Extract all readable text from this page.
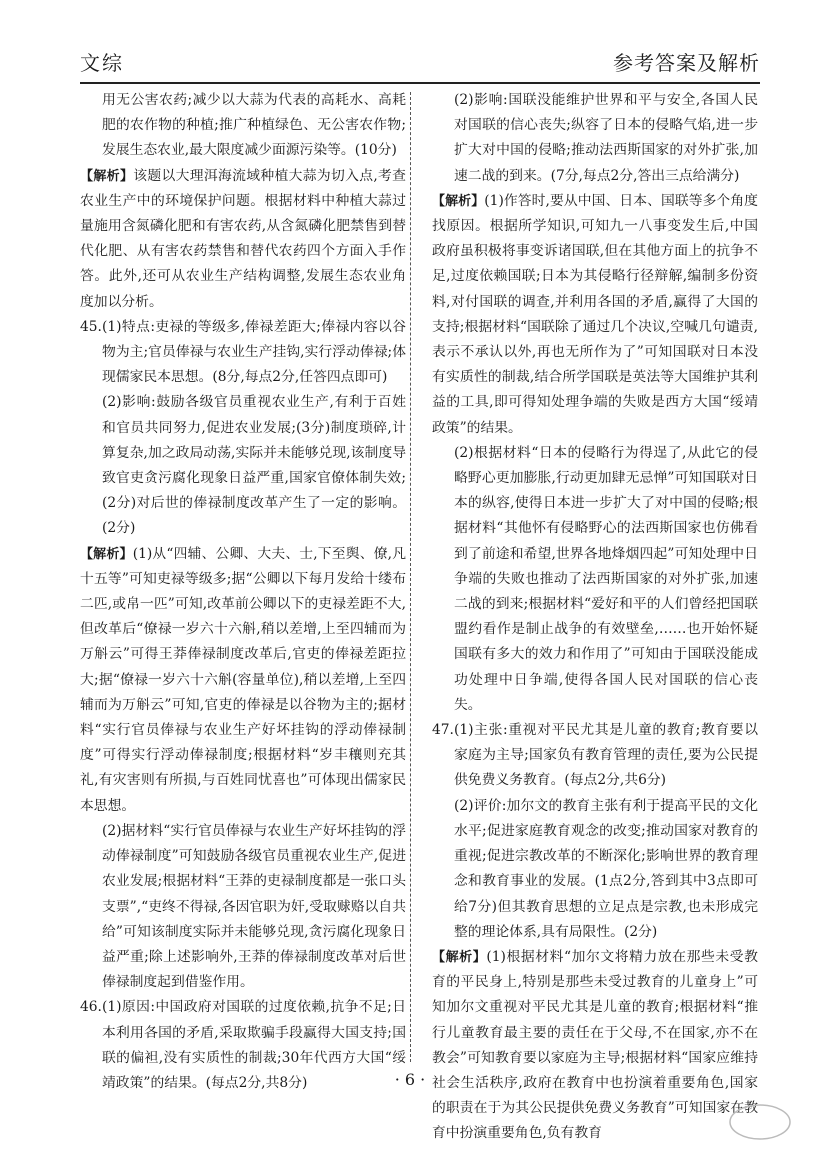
文综	参考答案及解析

用无公害农药;减少以大蒜为代表的高耗水、高耗肥的农作物的种植;推广种植绿色、无公害农作物;发展生态农业,最大限度减少面源污染等。(10分)

【解析】该题以大理洱海流域种植大蒜为切入点,考查农业生产中的环境保护问题。根据材料中种植大蒜过量施用含氮磷化肥和有害农药,从含氮磷化肥禁售到替代化肥、从有害农药禁售和替代农药四个方面入手作答。此外,还可从农业生产结构调整,发展生态农业角度加以分析。

45.(1)特点:吏禄的等级多,俸禄差距大;俸禄内容以谷物为主;官员俸禄与农业生产挂钩,实行浮动俸禄;体现儒家民本思想。(8分,每点2分,任答四点即可)

(2)影响:鼓励各级官员重视农业生产,有利于百姓和官员共同努力,促进农业发展;(3分)制度琐碎,计算复杂,加之政局动荡,实际并未能够兑现,该制度导致官吏贪污腐化现象日益严重,国家官僚体制失效;(2分)对后世的俸禄制度改革产生了一定的影响。(2分)

【解析】(1)从“四辅、公卿、大夫、士,下至舆、僚,凡十五等”可知吏禄等级多;据“公卿以下每月发给十缕布二匹,或帛一匹”可知,改革前公卿以下的吏禄差距不大,但改革后“僚禄一岁六十六斛,稍以差增,上至四辅而为万斛云”可得王莽俸禄制度改革后,官吏的俸禄差距拉大;据“僚禄一岁六十六斛(容量单位),稍以差增,上至四辅而为万斛云”可知,官吏的俸禄是以谷物为主的;据材料“实行官员俸禄与农业生产好坏挂钩的浮动俸禄制度”可得实行浮动俸禄制度;根据材料“岁丰穰则充其礼,有灾害则有所损,与百姓同忧喜也”可体现出儒家民本思想。

(2)据材料“实行官员俸禄与农业生产好坏挂钩的浮动俸禄制度”可知鼓励各级官员重视农业生产,促进农业发展;根据材料“王莽的吏禄制度都是一张口头支票”,“吏终不得禄,各因官职为奸,受取赇赂以自共给”可知该制度实际并未能够兑现,贪污腐化现象日益严重;除上述影响外,王莽的俸禄制度改革对后世俸禄制度起到借鉴作用。

46.(1)原因:中国政府对国联的过度依赖,抗争不足;日本利用各国的矛盾,采取欺骗手段赢得大国支持;国联的偏袒,没有实质性的制裁;30年代西方大国“绥靖政策”的结果。(每点2分,共8分)

(2)影响:国联没能维护世界和平与安全,各国人民对国联的信心丧失;纵容了日本的侵略气焰,进一步扩大对中国的侵略;推动法西斯国家的对外扩张,加速二战的到来。(7分,每点2分,答出三点给满分)

【解析】(1)作答时,要从中国、日本、国联等多个角度找原因。根据所学知识,可知九一八事变发生后,中国政府虽积极将事变诉诸国联,但在其他方面上的抗争不足,过度依赖国联;日本为其侵略行径辩解,编制多份资料,对付国联的调查,并利用各国的矛盾,赢得了大国的支持;根据材料“国联除了通过几个决议,空喊几句谴责,表示不承认以外,再也无所作为了”可知国联对日本没有实质性的制裁,结合所学国联是英法等大国维护其利益的工具,即可得知处理争端的失败是西方大国“绥靖政策”的结果。

(2)根据材料“日本的侵略行为得逞了,从此它的侵略野心更加膨胀,行动更加肆无忌惮”可知国联对日本的纵容,使得日本进一步扩大了对中国的侵略;根据材料“其他怀有侵略野心的法西斯国家也仿佛看到了前途和希望,世界各地烽烟四起”可知处理中日争端的失败也推动了法西斯国家的对外扩张,加速二战的到来;根据材料“爱好和平的人们曾经把国联盟约看作是制止战争的有效壁垒,……也开始怀疑国联有多大的效力和作用了”可知由于国联没能成功处理中日争端,使得各国人民对国联的信心丧失。

47.(1)主张:重视对平民尤其是儿童的教育;教育要以家庭为主导;国家负有教育管理的责任,要为公民提供免费义务教育。(每点2分,共6分)

(2)评价:加尔文的教育主张有利于提高平民的文化水平;促进家庭教育观念的改变;推动国家对教育的重视;促进宗教改革的不断深化;影响世界的教育理念和教育事业的发展。(1点2分,答到其中3点即可给7分)但其教育思想的立足点是宗教,也未形成完整的理论体系,具有局限性。(2分)

【解析】(1)根据材料“加尔文将精力放在那些未受教育的平民身上,特别是那些未受过教育的儿童身上”可知加尔文重视对平民尤其是儿童的教育;根据材料“推行儿童教育最主要的责任在于父母,不在国家,亦不在教会”可知教育要以家庭为主导;根据材料“国家应维持社会生活秩序,政府在教育中也扮演着重要角色,国家的职责在于为其公民提供免费义务教育”可知国家在教育中扮演重要角色,负有教育

· 6 ·
